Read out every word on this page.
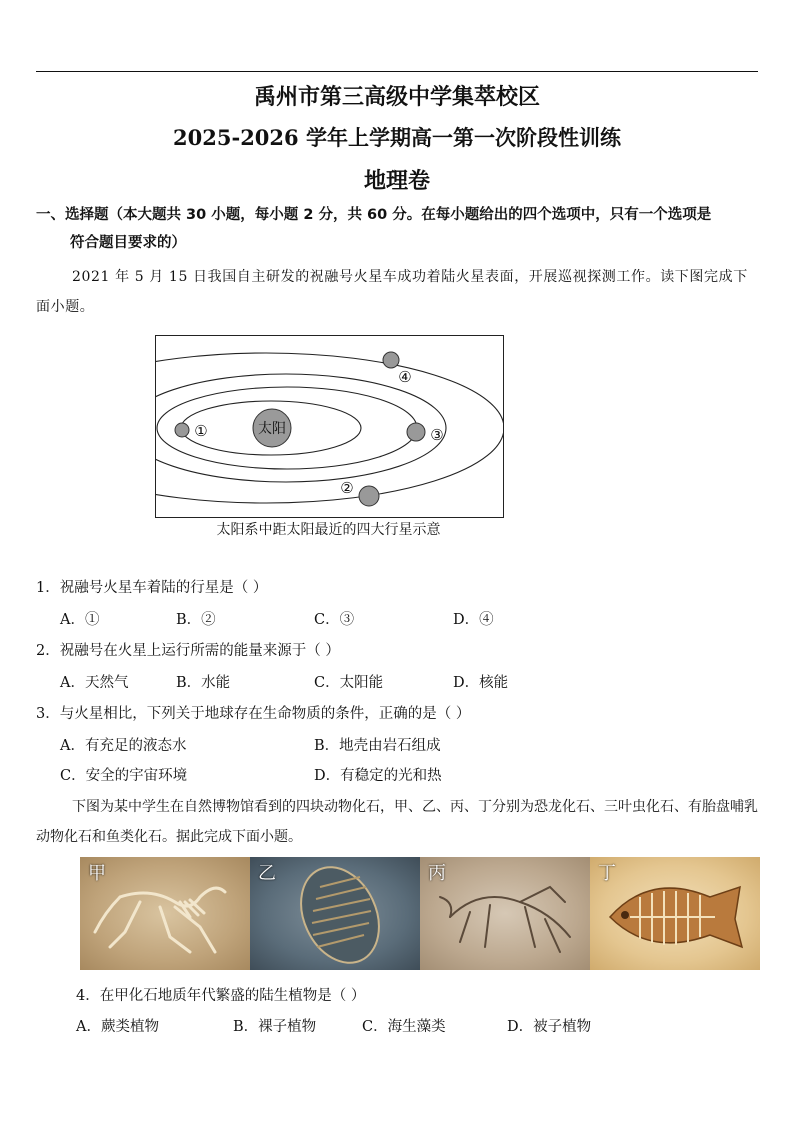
禹州市第三高级中学集萃校区
2025-2026 学年上学期高一第一次阶段性训练
地理卷
一、选择题（本大题共 30 小题，每小题 2 分，共 60 分。在每小题给出的四个选项中，只有一个选项是
符合题目要求的）
2021 年 5 月 15 日我国自主研发的祝融号火星车成功着陆火星表面，开展巡视探测工作。读下图完成下面小题。
太阳
①	③
②
④
太阳系中距太阳最近的四大行星示意
1．祝融号火星车着陆的行星是（ ）
A．①	B．②	C．③	D．④
2．祝融号在火星上运行所需的能量来源于（ ）
A．天然气	B．水能	C．太阳能	D．核能
3．与火星相比，下列关于地球存在生命物质的条件，正确的是（ ）
A．有充足的液态水	B．地壳由岩石组成
C．安全的宇宙环境	D．有稳定的光和热
下图为某中学生在自然博物馆看到的四块动物化石，甲、乙、丙、丁分别为恐龙化石、三叶虫化石、有胎盘哺乳动物化石和鱼类化石。据此完成下面小题。
甲	乙	丙	丁
4．在甲化石地质年代繁盛的陆生植物是（ ）
A．蕨类植物	B．裸子植物	C．海生藻类	D．被子植物
